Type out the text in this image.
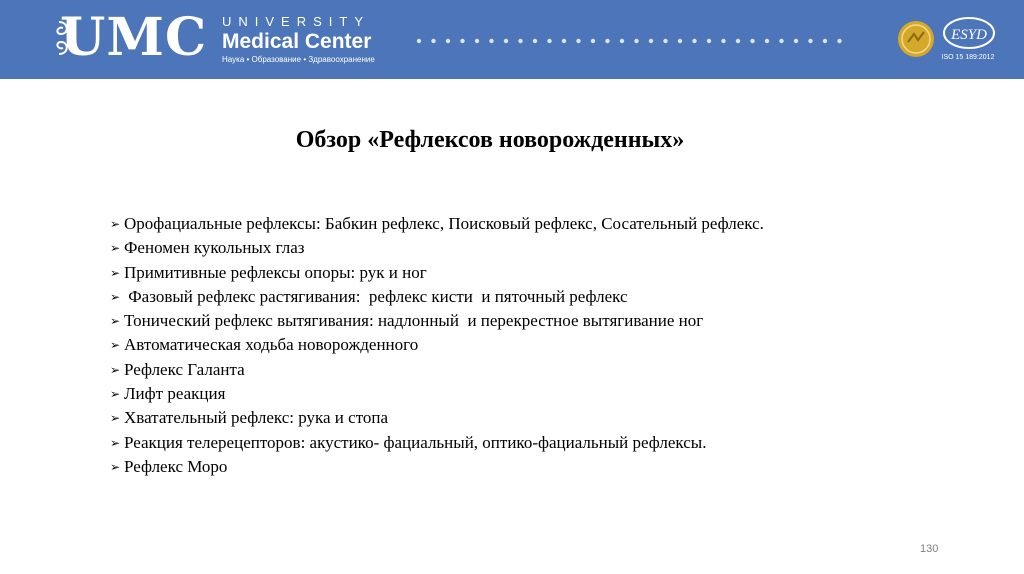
UMC UNIVERSITY
Medical Center
Наука • Образование • Здравоохранение
ESYD
ISO 15 189:2012
Обзор «Рефлексов новорожденных»
➢ Орофациальные рефлексы: Бабкин рефлекс, Поисковый рефлекс, Сосательный рефлекс.
➢ Феномен кукольных глаз
➢ Примитивные рефлексы опоры: рук и ног
➢ Фазовый рефлекс растягивания:  рефлекс кисти  и пяточный рефлекс
➢ Тонический рефлекс вытягивания: надлонный  и перекрестное вытягивание ног
➢ Автоматическая ходьба новорожденного
➢ Рефлекс Галанта
➢ Лифт реакция
➢ Хватательный рефлекс: рука и стопа
➢ Реакция телерецепторов: акустико- фациальный, оптико-фациальный рефлексы.
➢ Рефлекс Моро
130
